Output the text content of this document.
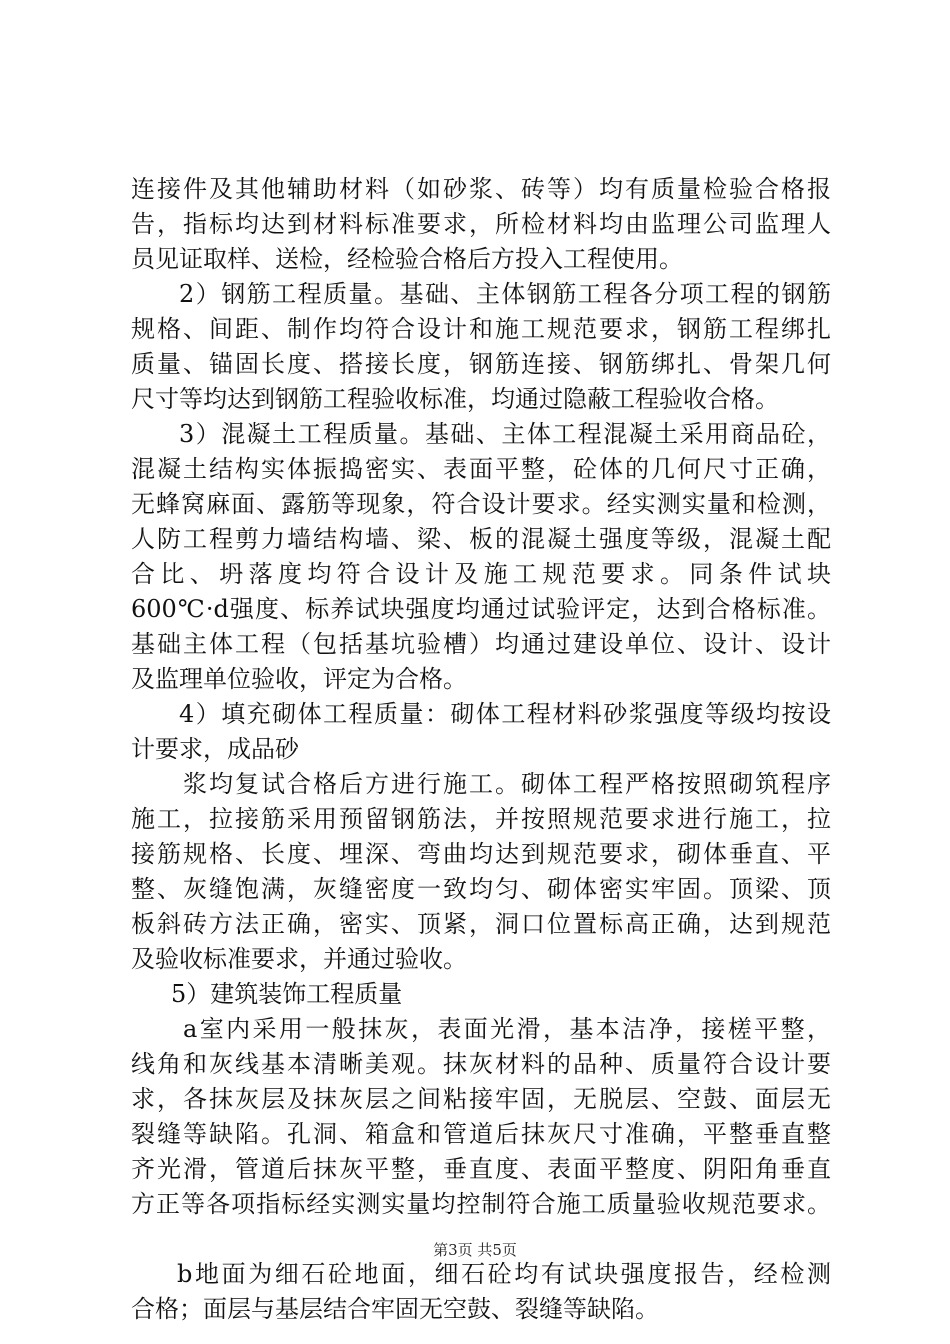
连接件及其他辅助材料（如砂浆、砖等）均有质量检验合格报
告，指标均达到材料标准要求，所检材料均由监理公司监理人
员见证取样、送检，经检验合格后方投入工程使用。
2）钢筋工程质量。基础、主体钢筋工程各分项工程的钢筋
规格、间距、制作均符合设计和施工规范要求，钢筋工程绑扎
质量、锚固长度、搭接长度，钢筋连接、钢筋绑扎、骨架几何
尺寸等均达到钢筋工程验收标准，均通过隐蔽工程验收合格。
3）混凝土工程质量。基础、主体工程混凝土采用商品砼，
混凝土结构实体振捣密实、表面平整，砼体的几何尺寸正确，
无蜂窝麻面、露筋等现象，符合设计要求。经实测实量和检测，
人防工程剪力墙结构墙、梁、板的混凝土强度等级，混凝土配
合比、坍落度均符合设计及施工规范要求。同条件试块
600℃·d强度、标养试块强度均通过试验评定，达到合格标准。
基础主体工程（包括基坑验槽）均通过建设单位、设计、设计
及监理单位验收，评定为合格。
4）填充砌体工程质量：砌体工程材料砂浆强度等级均按设
计要求，成品砂
浆均复试合格后方进行施工。砌体工程严格按照砌筑程序
施工，拉接筋采用预留钢筋法，并按照规范要求进行施工，拉
接筋规格、长度、埋深、弯曲均达到规范要求，砌体垂直、平
整、灰缝饱满，灰缝密度一致均匀、砌体密实牢固。顶梁、顶
板斜砖方法正确，密实、顶紧，洞口位置标高正确，达到规范
及验收标准要求，并通过验收。
5）建筑装饰工程质量
a室内采用一般抹灰，表面光滑，基本洁净，接槎平整，
线角和灰线基本清晰美观。抹灰材料的品种、质量符合设计要
求，各抹灰层及抹灰层之间粘接牢固，无脱层、空鼓、面层无
裂缝等缺陷。孔洞、箱盒和管道后抹灰尺寸准确，平整垂直整
齐光滑，管道后抹灰平整，垂直度、表面平整度、阴阳角垂直
方正等各项指标经实测实量均控制符合施工质量验收规范要求。
b地面为细石砼地面，细石砼均有试块强度报告，经检测
合格；面层与基层结合牢固无空鼓、裂缝等缺陷。
第3页 共5页
